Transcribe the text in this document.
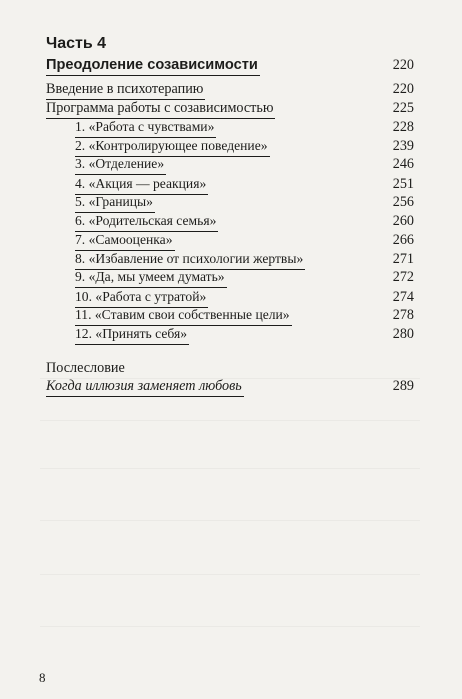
Часть 4
Преодоление созависимости	220
Введение в психотерапию	220
Программа работы с созависимостью	225
1. «Работа с чувствами»	228
2. «Контролирующее поведение»	239
3. «Отделение»	246
4. «Акция — реакция»	251
5. «Границы»	256
6. «Родительская семья»	260
7. «Самооценка»	266
8. «Избавление от психологии жертвы»	271
9. «Да, мы умеем думать»	272
10. «Работа с утратой»	274
11. «Ставим свои собственные цели»	278
12. «Принять себя»	280
Послесловие
Когда иллюзия заменяет любовь	289
8
